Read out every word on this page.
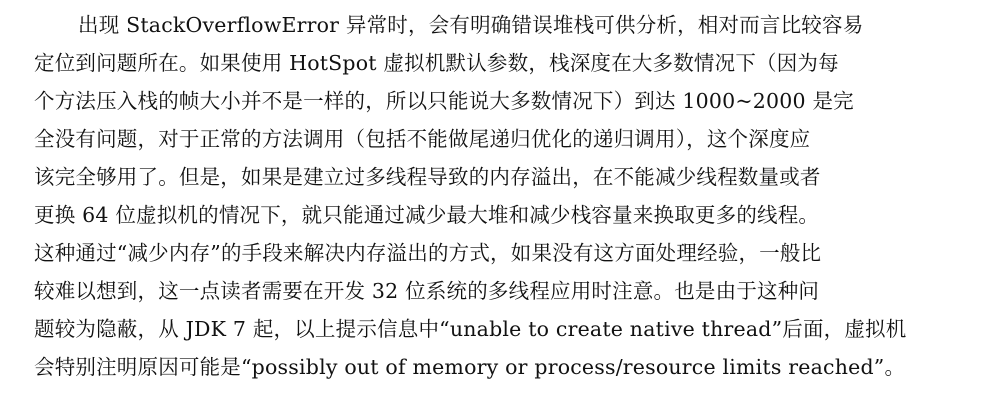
出现 StackOverflowError 异常时，会有明确错误堆栈可供分析，相对而言比较容易
定位到问题所在。如果使用 HotSpot 虚拟机默认参数，栈深度在大多数情况下（因为每
个方法压入栈的帧大小并不是一样的，所以只能说大多数情况下）到达 1000~2000 是完
全没有问题，对于正常的方法调用（包括不能做尾递归优化的递归调用），这个深度应
该完全够用了。但是，如果是建立过多线程导致的内存溢出，在不能减少线程数量或者
更换 64 位虚拟机的情况下，就只能通过减少最大堆和减少栈容量来换取更多的线程。
这种通过“减少内存”的手段来解决内存溢出的方式，如果没有这方面处理经验，一般比
较难以想到，这一点读者需要在开发 32 位系统的多线程应用时注意。也是由于这种问
题较为隐蔽，从 JDK 7 起，以上提示信息中“unable to create native thread”后面，虚拟机
会特别注明原因可能是“possibly out of memory or process/resource limits reached”。
